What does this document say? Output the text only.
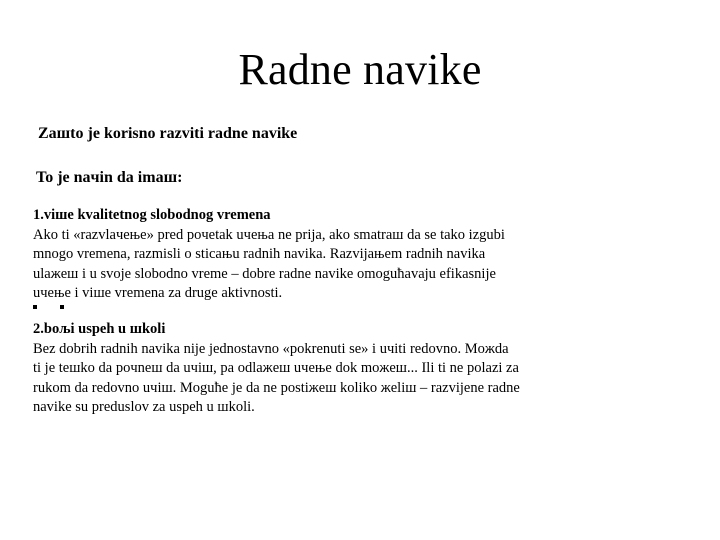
Radne navike

Zaшto je korisno razviti radne navike

To je naчin da imaш:

1.viшe kvalitetnog slobodnog vremena

Ako ti «razvlaчeњe» pred poчetak uчeњa ne prija, ako smatraш da se tako izgubi
mnogo vremena, razmisli o sticaњu radnih navika. Razvijaњem radnih navika
ulaжeш i u svoje slobodno vreme – dobre radne navike omoguћavaju efikasnije
uчeњe i viшe vremena za druge aktivnosti.

2.boљi uspeh u шkoli

Bez dobrih radnih navika nije jednostavno «pokrenuti se» i uчiti redovno. Moжda
ti je teшko da poчneш da uчiш, pa odlaжeш uчeњe dok moжeш... Ili ti ne polazi za
rukom da redovno uчiш. Moguћe je da ne postiжeш koliko жeliш – razvijene radne
navike su preduslov za uspeh u шkoli.
